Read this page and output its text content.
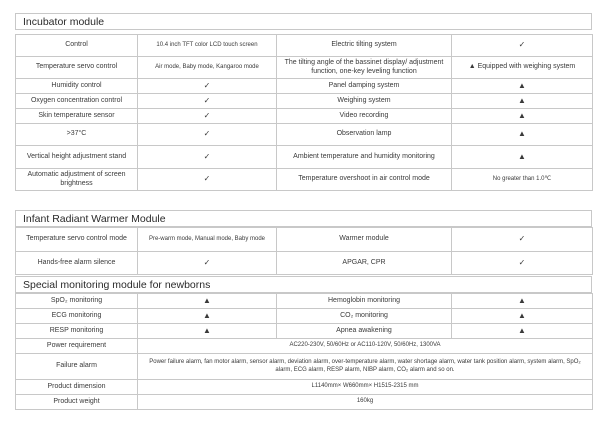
Incubator module
Control	10.4 inch TFT color LCD touch screen	Electric tilting system	✓
Temperature servo control	Air mode, Baby mode, Kangaroo mode	The tilting angle of the bassinet display/ adjustment function, one-key leveling function	▲ Equipped with weighing system
Humidity control	✓	Panel damping system	▲
Oxygen concentration control	✓	Weighing system	▲
Skin temperature sensor	✓	Video recording	▲
>37°C	✓	Observation lamp	▲
Vertical height adjustment stand	✓	Ambient temperature and humidity monitoring	▲
Automatic adjustment of screen brightness	✓	Temperature overshoot in air control mode	No greater than 1.0℃
Infant Radiant Warmer Module
Temperature servo control mode	Pre-warm mode, Manual mode, Baby mode	Warmer module	✓
Hands-free alarm silence	✓	APGAR, CPR	✓
Special monitoring module for newborns
SpO₂ monitoring	▲	Hemoglobin monitoring	▲
ECG monitoring	▲	CO₂ monitoring	▲
RESP monitoring	▲	Apnea awakening	▲
Power requirement	AC220-230V, 50/60Hz or AC110-120V, 50/60Hz, 1300VA		
Failure alarm	Power failure alarm, fan motor alarm, sensor alarm, deviation alarm, over-temperature alarm, water shortage alarm, water tank position alarm, system alarm, SpO₂ alarm, ECG alarm, RESP alarm, NIBP alarm, CO₂ alarm and so on.		
Product dimension	L1140mm× W660mm× H1515-2315 mm		
Product weight	160kg		
